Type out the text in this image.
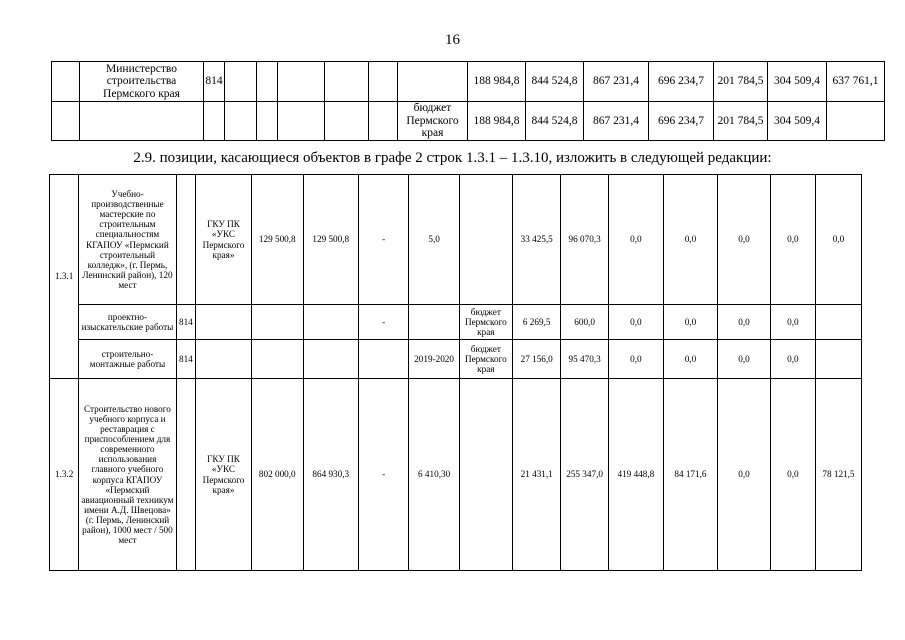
16
	Министерство строительства Пермского края	814							188 984,8	844 524,8	867 231,4	696 234,7	201 784,5	304 509,4	637 761,1
								бюджет Пермского края	188 984,8	844 524,8	867 231,4	696 234,7	201 784,5	304 509,4	
2.9. позиции, касающиеся объектов в графе 2 строк 1.3.1 – 1.3.10, изложить в следующей редакции:
1.3.1	Учебно-производственные мастерские по строительным специальностям КГАПОУ «Пермский строительный колледж», (г. Пермь, Ленинский район), 120 мест		ГКУ ПК «УКС Пермского края»	129 500,8	129 500,8	-	5,0		33 425,5	96 070,3	0,0	0,0	0,0	0,0	0,0
	проектно-изыскательские работы	814				-		бюджет Пермского края	6 269,5	600,0	0,0	0,0	0,0	0,0	
	строительно-монтажные работы	814					2019-2020	бюджет Пермского края	27 156,0	95 470,3	0,0	0,0	0,0	0,0	
1.3.2	Строительство нового учебного корпуса и реставрация с приспособлением для современного использования главного учебного корпуса КГАПОУ «Пермский авиационный техникум имени А.Д. Швецова» (г. Пермь, Ленинский район), 1000 мест / 500 мест		ГКУ ПК «УКС Пермского края»	802 000,0	864 930,3	-	6 410,30		21 431,1	255 347,0	419 448,8	84 171,6	0,0	0,0	78 121,5
